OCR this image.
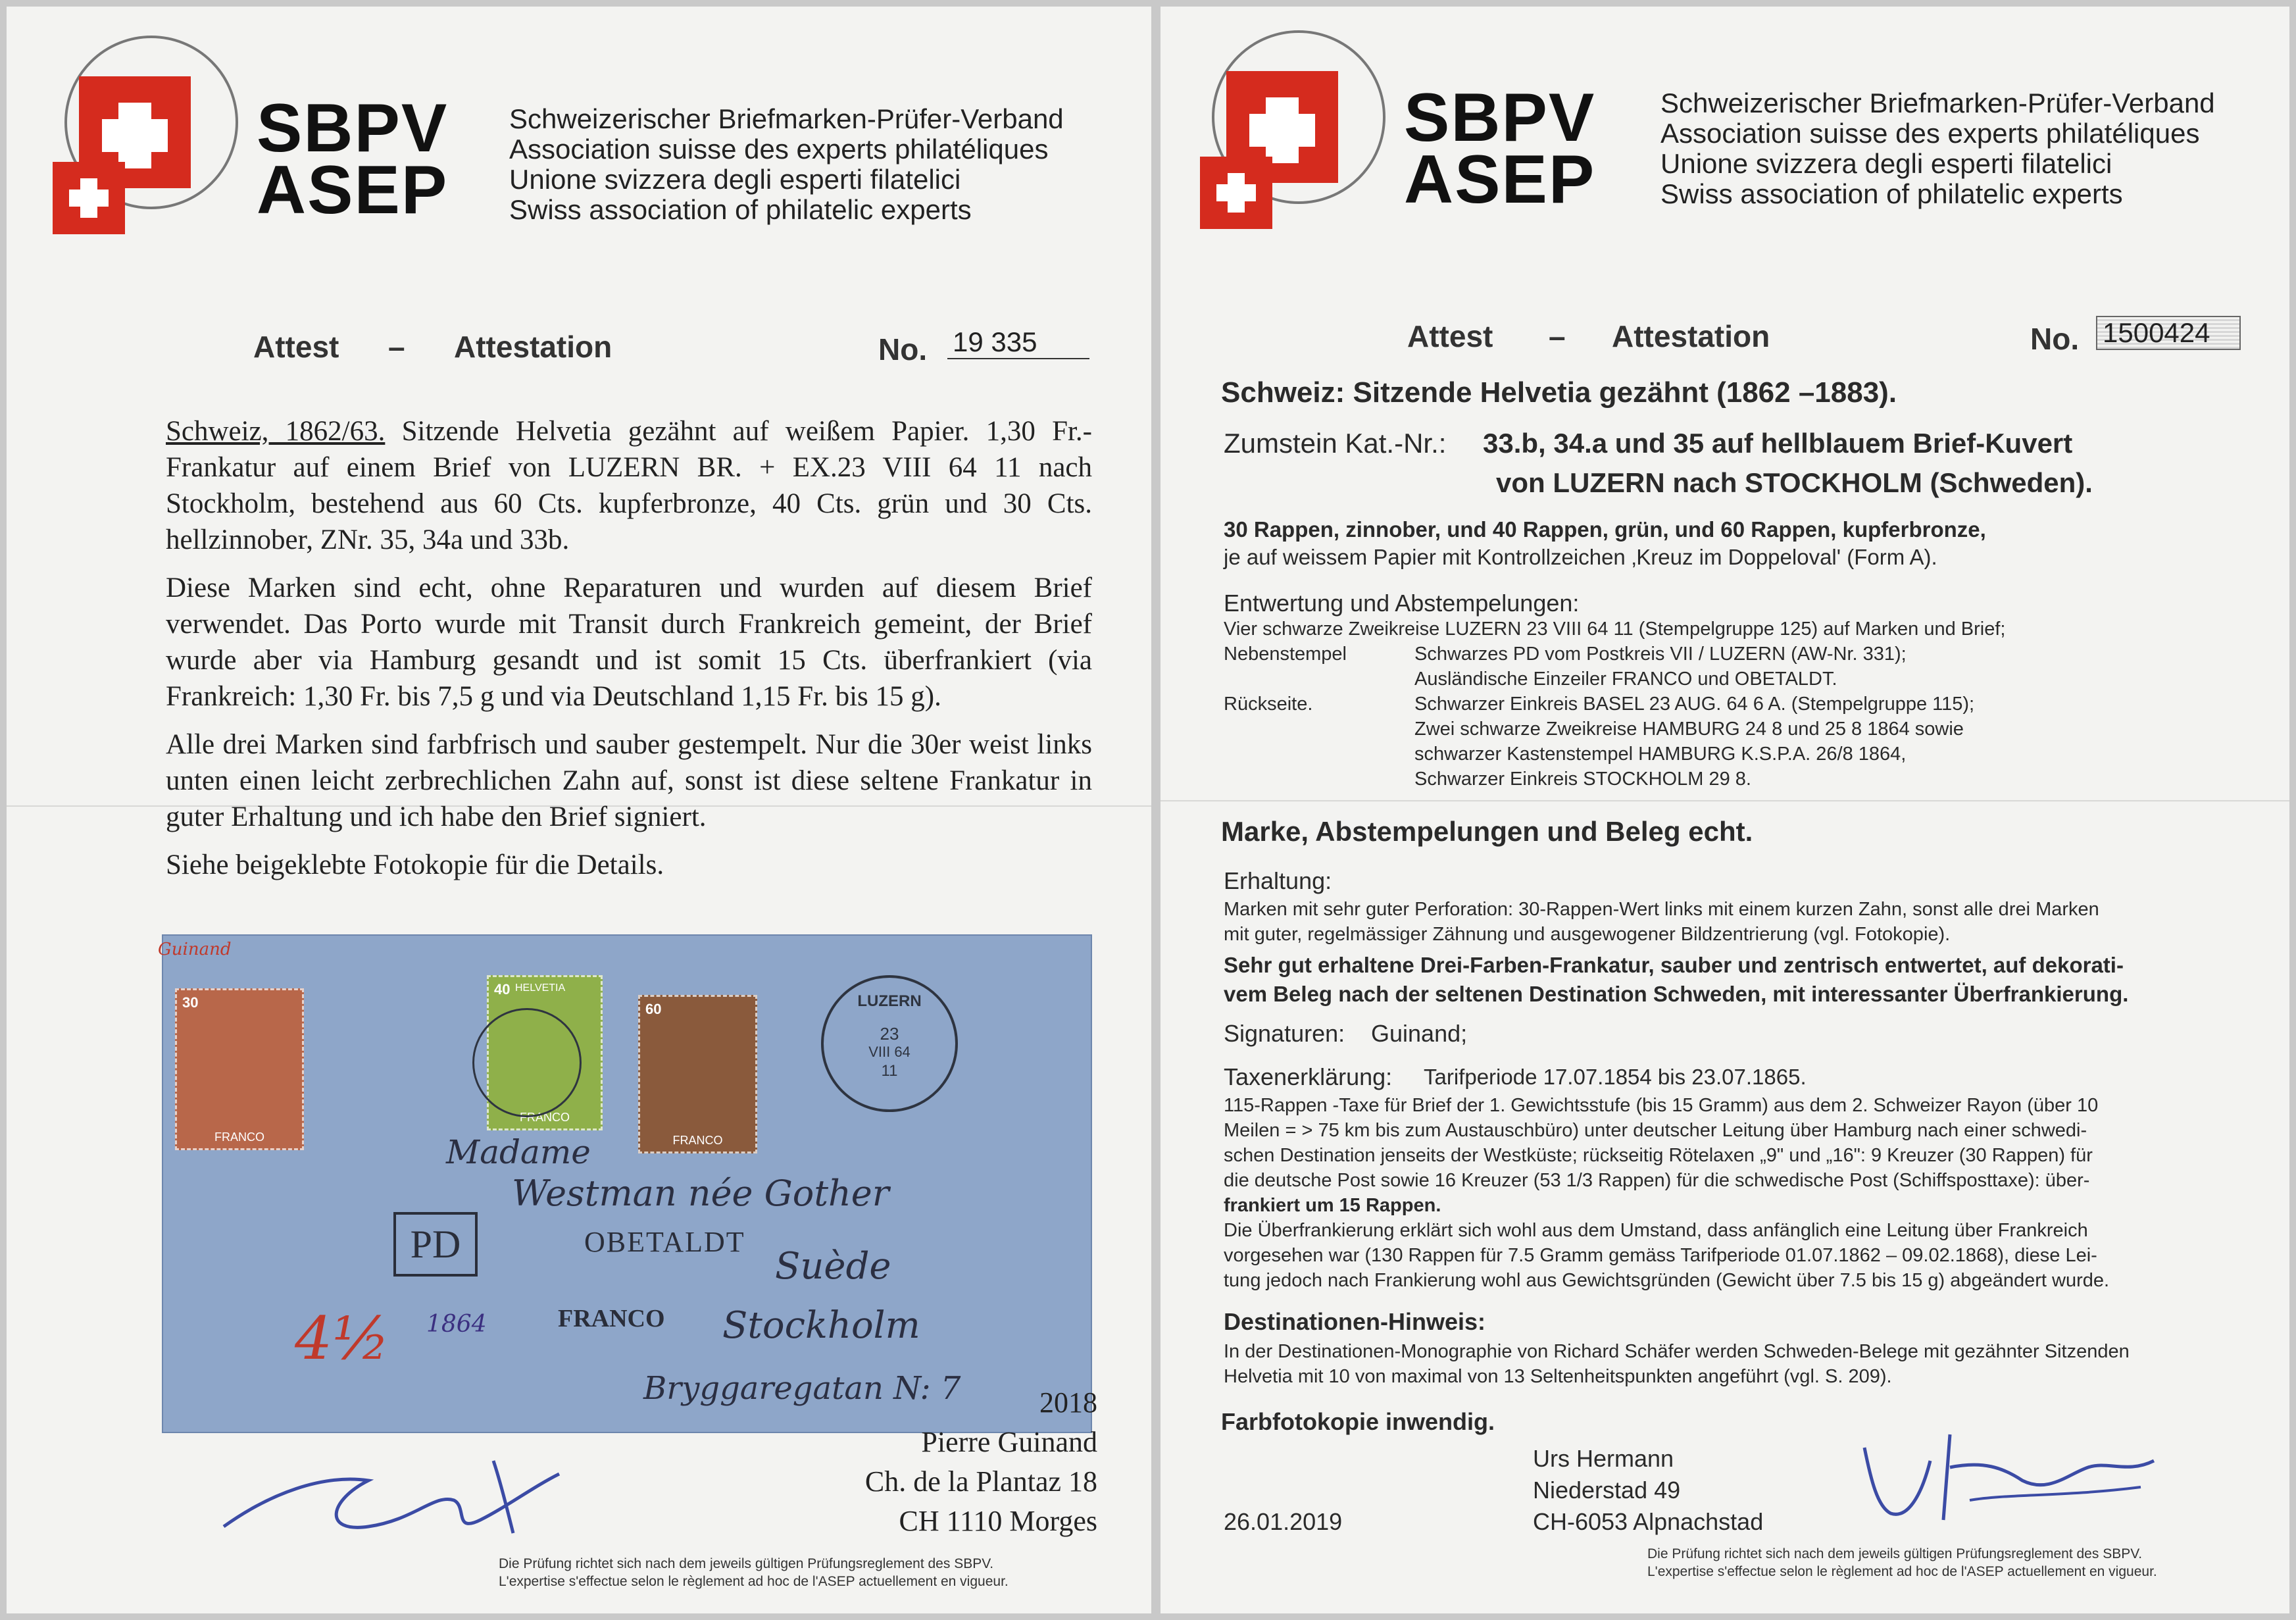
SBPV
ASEP
Schweizerischer Briefmarken-Prüfer-Verband
Association suisse des experts philatéliques
Unione svizzera degli esperti filatelici
Swiss association of philatelic experts
Attest – Attestation	No. 19 335

Schweiz, 1862/63. Sitzende Helvetia gezähnt auf weißem Papier. 1,30 Fr.-Frankatur auf einem Brief von LUZERN BR. + EX.23 VIII 64 11 nach Stockholm, bestehend aus 60 Cts. kupferbronze, 40 Cts. grün und 30 Cts. hellzinnober, ZNr. 35, 34a und 33b.

Diese Marken sind echt, ohne Reparaturen und wurden auf diesem Brief verwendet. Das Porto wurde mit Transit durch Frankreich gemeint, der Brief wurde aber via Hamburg gesandt und ist somit 15 Cts. überfrankiert (via Frankreich: 1,30 Fr. bis 7,5 g und via Deutschland 1,15 Fr. bis 15 g).

Alle drei Marken sind farbfrisch und sauber gestempelt. Nur die 30er weist links unten einen leicht zerbrechlichen Zahn auf, sonst ist diese seltene Frankatur in guter Erhaltung und ich habe den Brief signiert.

Siehe beigeklebte Fotokopie für die Details.

30
FRANCO
40 HELVETIA
FRANCO
60
FRANCO
LUZERN
23
VIII 64
11
PD	OBETALDT
FRANCO
Madame
Westman née Gother
Suède
Stockholm
Bryggaregatan N: 7
1864
Guinand
4½
2018
Pierre Guinand
Ch. de la Plantaz 18
CH 1110 Morges
Die Prüfung richtet sich nach dem jeweils gültigen Prüfungsreglement des SBPV.
L'expertise s'effectue selon le règlement ad hoc de l'ASEP actuellement en vigueur.
SBPV
ASEP
Schweizerischer Briefmarken-Prüfer-Verband
Association suisse des experts philatéliques
Unione svizzera degli esperti filatelici
Swiss association of philatelic experts
Attest – Attestation	No. 1500424
Schweiz: Sitzende Helvetia gezähnt (1862 –1883).
Zumstein Kat.-Nr.: 33.b, 34.a und 35 auf hellblauem Brief-Kuvert
von LUZERN nach STOCKHOLM (Schweden).
30 Rappen, zinnober, und 40 Rappen, grün, und 60 Rappen, kupferbronze,
je auf weissem Papier mit Kontrollzeichen ‚Kreuz im Doppeloval' (Form A).
Entwertung und Abstempelungen:
Vier schwarze Zweikreise LUZERN 23 VIII 64 11 (Stempelgruppe 125) auf Marken und Brief;
Nebenstempel	Schwarzes PD vom Postkreis VII / LUZERN (AW-Nr. 331);
Ausländische Einzeiler FRANCO und OBETALDT.
Rückseite.	Schwarzer Einkreis BASEL 23 AUG. 64 6 A. (Stempelgruppe 115);
Zwei schwarze Zweikreise HAMBURG 24 8 und 25 8 1864 sowie
schwarzer Kastenstempel HAMBURG K.S.P.A. 26/8 1864,
Schwarzer Einkreis STOCKHOLM 29 8.
Marke, Abstempelungen und Beleg echt.
Erhaltung:
Marken mit sehr guter Perforation: 30-Rappen-Wert links mit einem kurzen Zahn, sonst alle drei Marken
mit guter, regelmässiger Zähnung und ausgewogener Bildzentrierung (vgl. Fotokopie).
Sehr gut erhaltene Drei-Farben-Frankatur, sauber und zentrisch entwertet, auf dekorati-
vem Beleg nach der seltenen Destination Schweden, mit interessanter Überfrankierung.
Signaturen: Guinand;
Taxenerklärung: Tarifperiode 17.07.1854 bis 23.07.1865.
115-Rappen -Taxe für Brief der 1. Gewichtsstufe (bis 15 Gramm) aus dem 2. Schweizer Rayon (über 10
Meilen = > 75 km bis zum Austauschbüro) unter deutscher Leitung über Hamburg nach einer schwedi-
schen Destination jenseits der Westküste; rückseitig Rötelaxen „9" und „16": 9 Kreuzer (30 Rappen) für
die deutsche Post sowie 16 Kreuzer (53 1/3 Rappen) für die schwedische Post (Schiffsposttaxe): über-
frankiert um 15 Rappen.
Die Überfrankierung erklärt sich wohl aus dem Umstand, dass anfänglich eine Leitung über Frankreich
vorgesehen war (130 Rappen für 7.5 Gramm gemäss Tarifperiode 01.07.1862 – 09.02.1868), diese Lei-
tung jedoch nach Frankierung wohl aus Gewichtsgründen (Gewicht über 7.5 bis 15 g) abgeändert wurde.
Destinationen-Hinweis:
In der Destinationen-Monographie von Richard Schäfer werden Schweden-Belege mit gezähnter Sitzenden
Helvetia mit 10 von maximal von 13 Seltenheitspunkten angeführt (vgl. S. 209).
Farbfotokopie inwendig.
Urs Hermann
Niederstad 49
CH-6053 Alpnachstad
26.01.2019
Die Prüfung richtet sich nach dem jeweils gültigen Prüfungsreglement des SBPV.
L'expertise s'effectue selon le règlement ad hoc de l'ASEP actuellement en vigueur.
